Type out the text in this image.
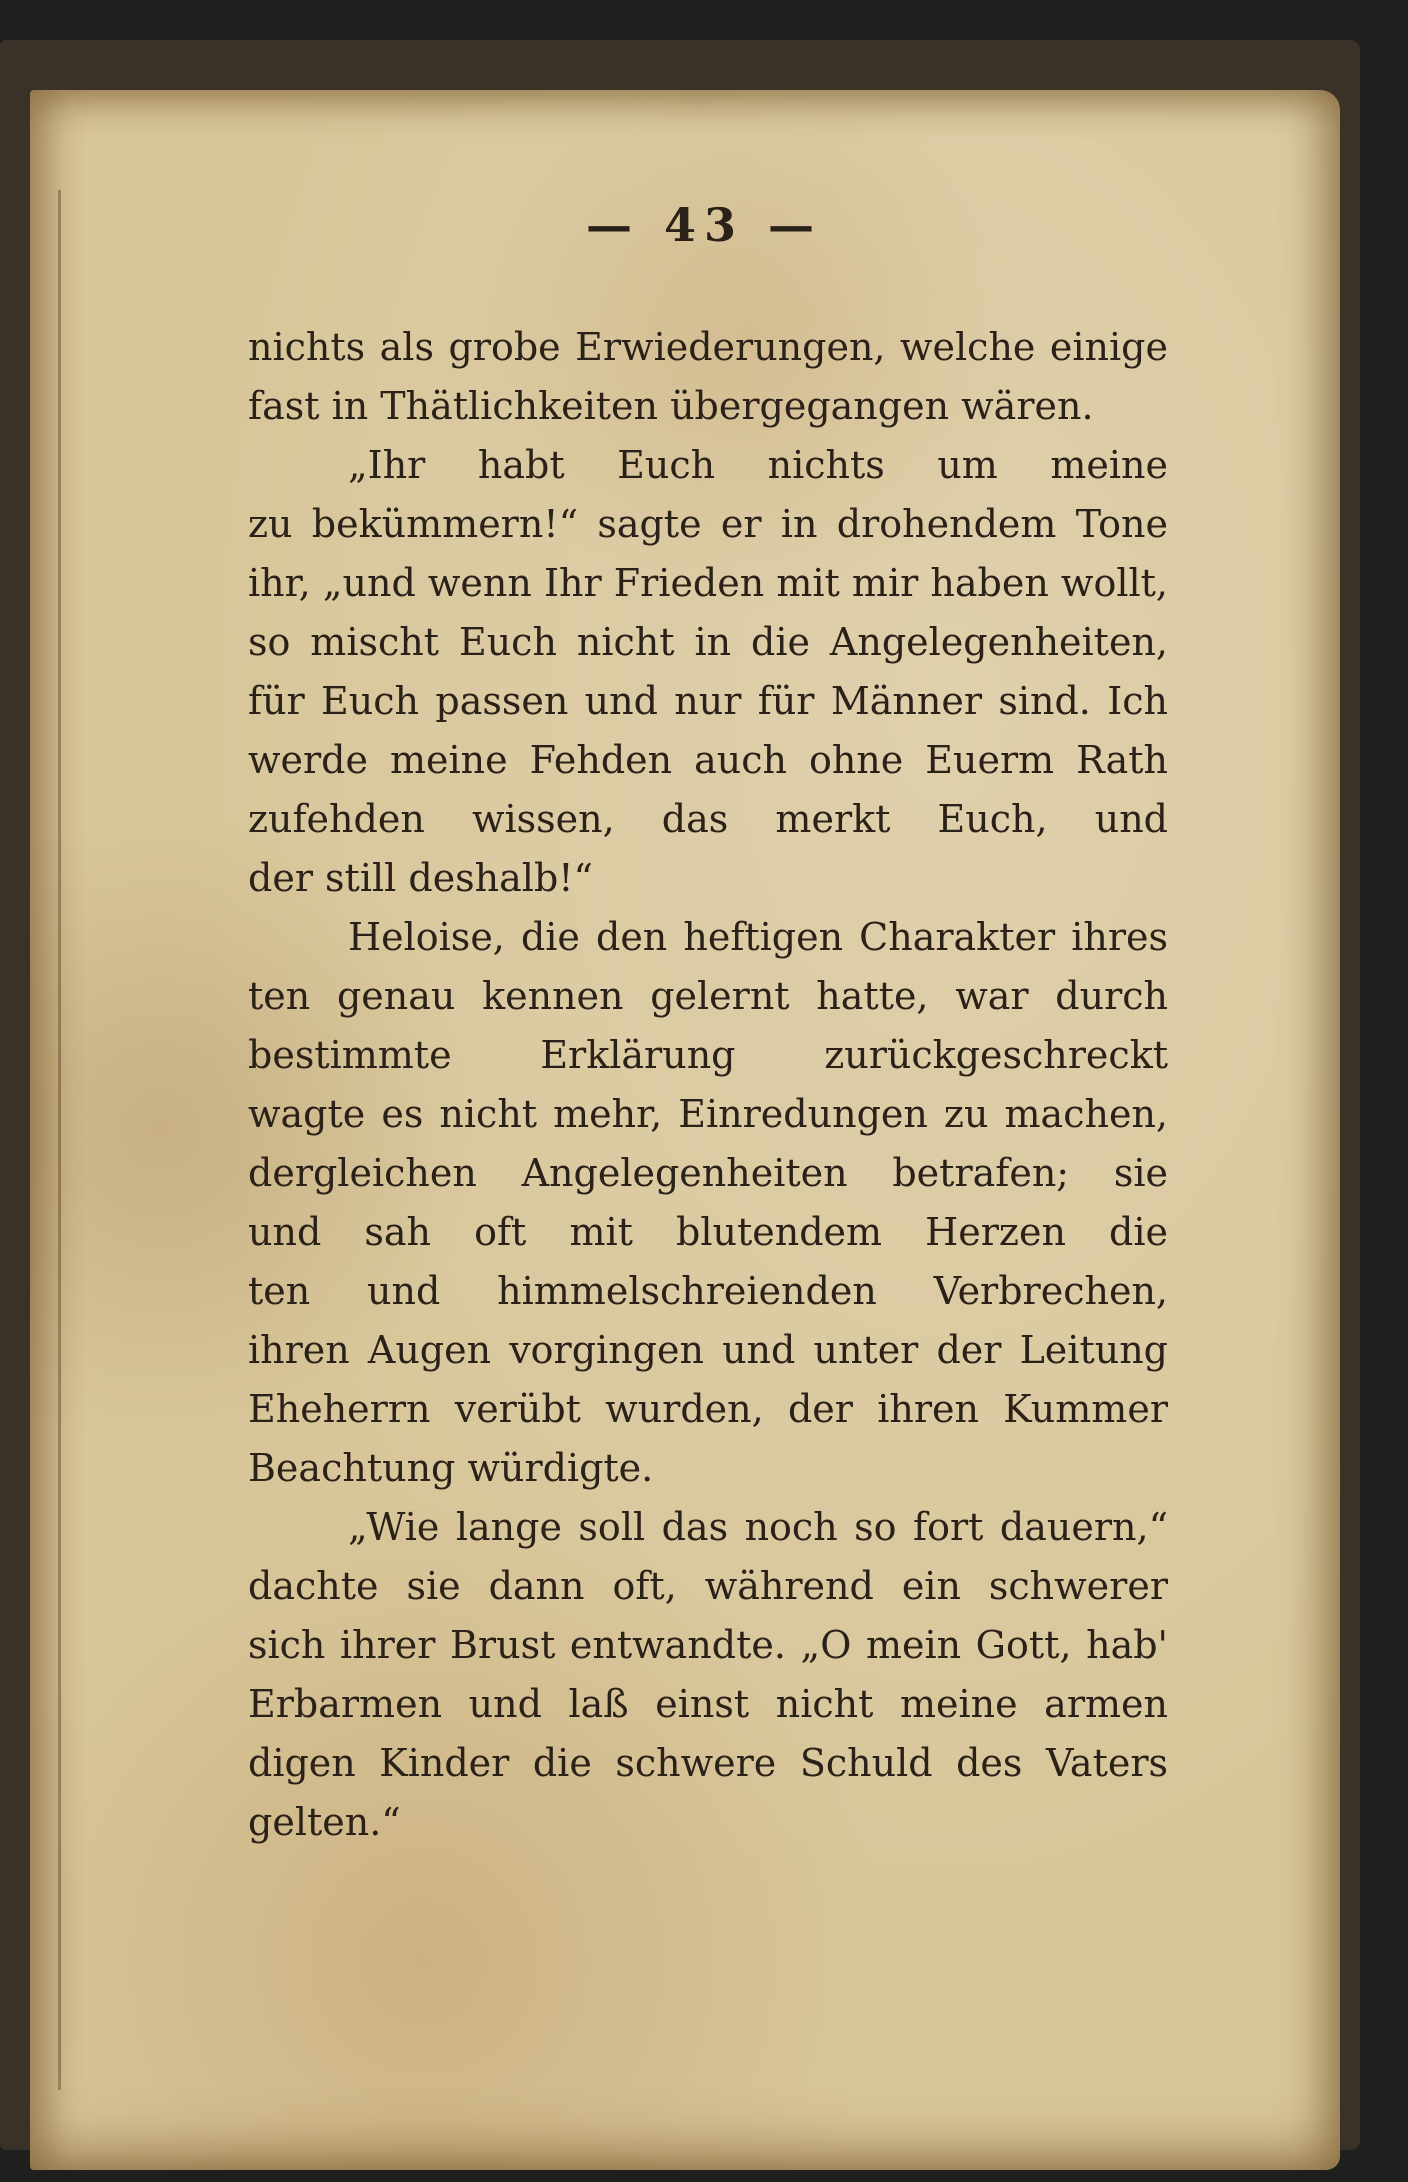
— 43 —
nichts als grobe Erwiederungen, welche einige
fast in Thätlichkeiten übergegangen wären.
„Ihr habt Euch nichts um meine
zu bekümmern!“ sagte er in drohendem Tone
ihr, „und wenn Ihr Frieden mit mir haben wollt,
so mischt Euch nicht in die Angelegenheiten,
für Euch passen und nur für Männer sind. Ich
werde meine Fehden auch ohne Euerm Rath
zufehden wissen, das merkt Euch, und
der still deshalb!“
Heloise, die den heftigen Charakter ihres
ten genau kennen gelernt hatte, war durch
bestimmte Erklärung zurückgeschreckt
wagte es nicht mehr, Einredungen zu machen,
dergleichen Angelegenheiten betrafen; sie
und sah oft mit blutendem Herzen die
ten und himmelschreienden Verbrechen,
ihren Augen vorgingen und unter der Leitung
Eheherrn verübt wurden, der ihren Kummer
Beachtung würdigte.
„Wie lange soll das noch so fort dauern,“
dachte sie dann oft, während ein schwerer
sich ihrer Brust entwandte. „O mein Gott, hab'
Erbarmen und laß einst nicht meine armen
digen Kinder die schwere Schuld des Vaters
gelten.“
